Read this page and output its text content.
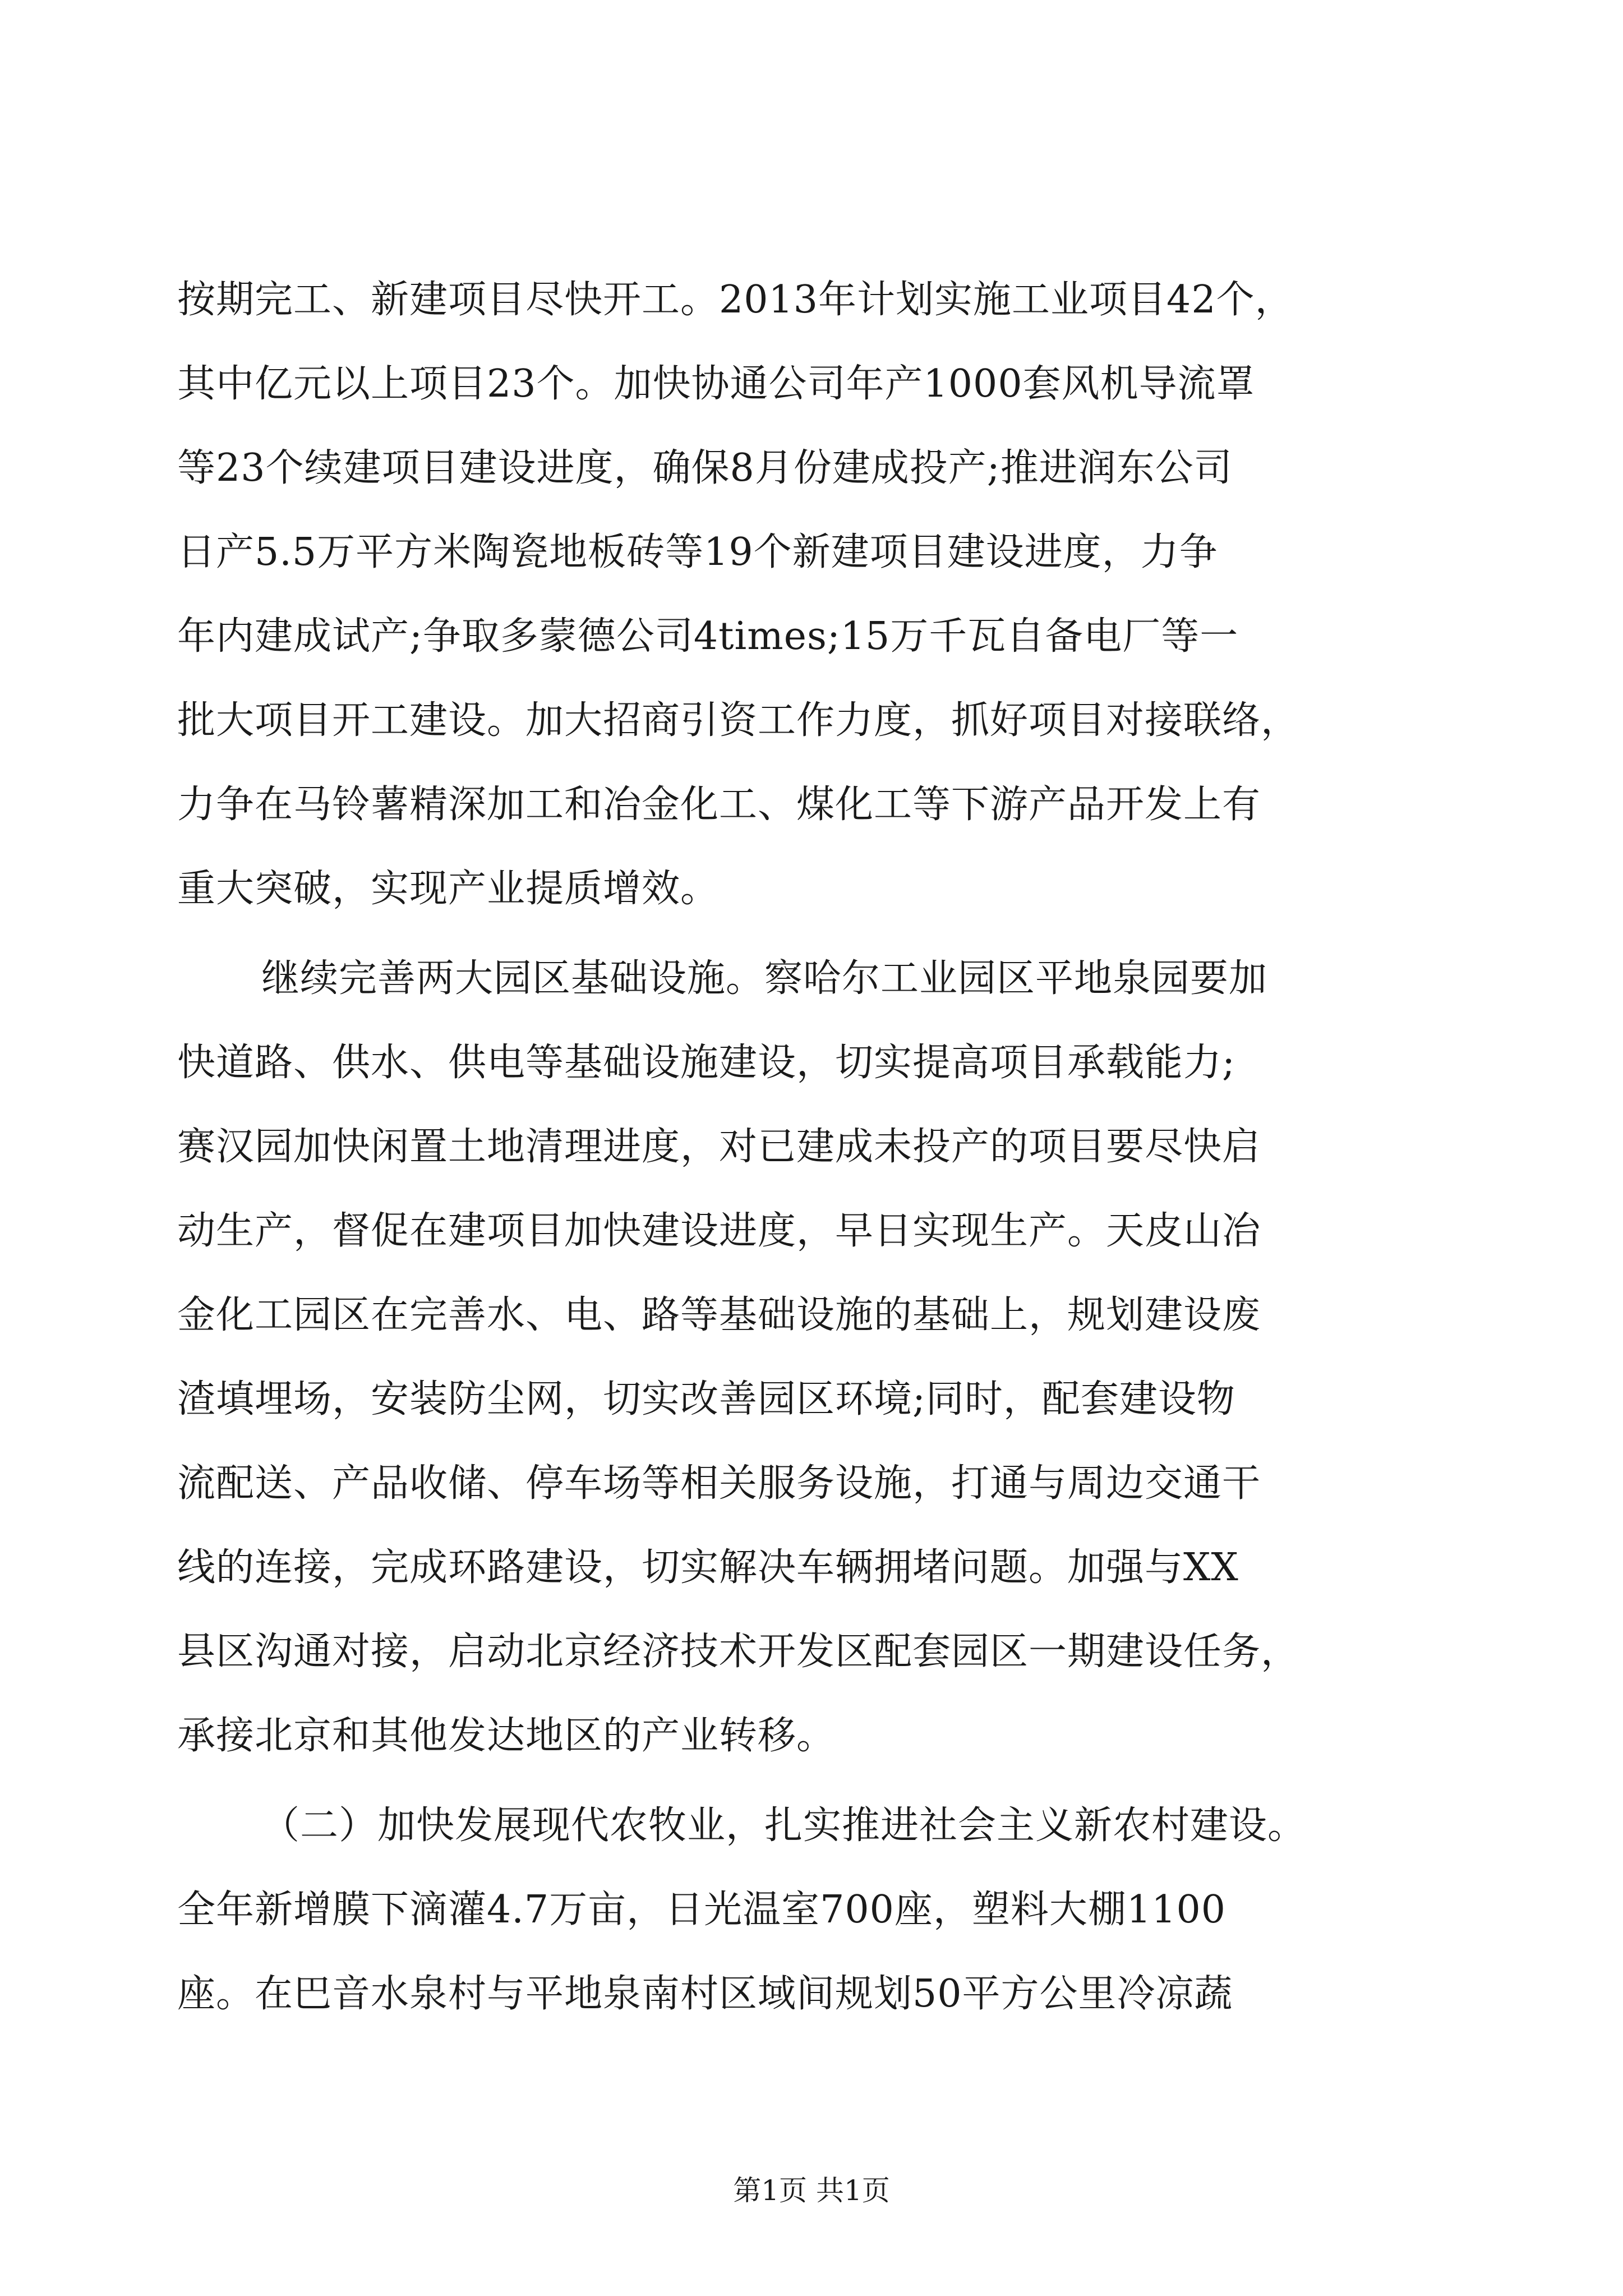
按期完工、新建项目尽快开工。2013年计划实施工业项目42个，
其中亿元以上项目23个。加快协通公司年产1000套风机导流罩
等23个续建项目建设进度，确保8月份建成投产;推进润东公司
日产5.5万平方米陶瓷地板砖等19个新建项目建设进度，力争
年内建成试产;争取多蒙德公司4times;15万千瓦自备电厂等一
批大项目开工建设。加大招商引资工作力度，抓好项目对接联络，
力争在马铃薯精深加工和冶金化工、煤化工等下游产品开发上有
重大突破，实现产业提质增效。
继续完善两大园区基础设施。察哈尔工业园区平地泉园要加
快道路、供水、供电等基础设施建设，切实提高项目承载能力;
赛汉园加快闲置土地清理进度，对已建成未投产的项目要尽快启
动生产，督促在建项目加快建设进度，早日实现生产。天皮山冶
金化工园区在完善水、电、路等基础设施的基础上，规划建设废
渣填埋场，安装防尘网，切实改善园区环境;同时，配套建设物
流配送、产品收储、停车场等相关服务设施，打通与周边交通干
线的连接，完成环路建设，切实解决车辆拥堵问题。加强与XX
县区沟通对接，启动北京经济技术开发区配套园区一期建设任务，
承接北京和其他发达地区的产业转移。
（二）加快发展现代农牧业，扎实推进社会主义新农村建设。
全年新增膜下滴灌4.7万亩，日光温室700座，塑料大棚1100
座。在巴音水泉村与平地泉南村区域间规划50平方公里冷凉蔬
第1页 共1页
